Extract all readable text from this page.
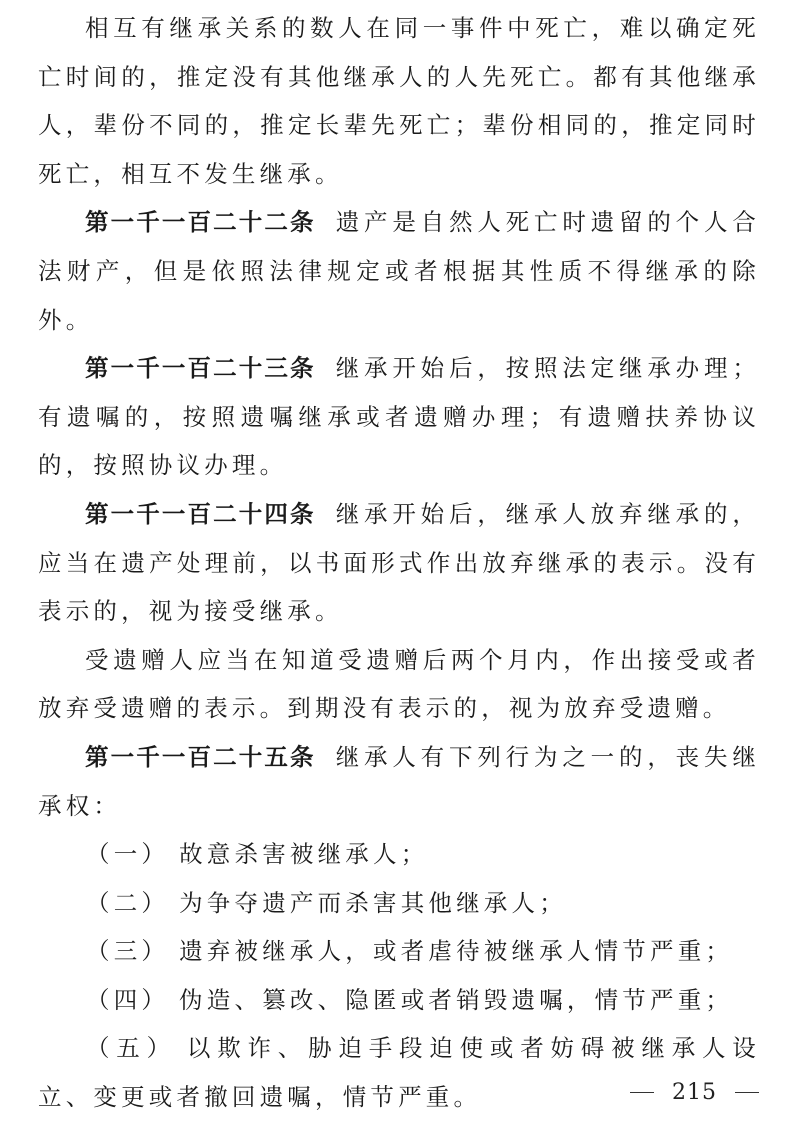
相互有继承关系的数人在同一事件中死亡，难以确定死亡时间的，推定没有其他继承人的人先死亡。都有其他继承人，辈份不同的，推定长辈先死亡；辈份相同的，推定同时死亡，相互不发生继承。

第一千一百二十二条 遗产是自然人死亡时遗留的个人合法财产，但是依照法律规定或者根据其性质不得继承的除外。

第一千一百二十三条 继承开始后，按照法定继承办理；有遗嘱的，按照遗嘱继承或者遗赠办理；有遗赠扶养协议的，按照协议办理。

第一千一百二十四条 继承开始后，继承人放弃继承的，应当在遗产处理前，以书面形式作出放弃继承的表示。没有表示的，视为接受继承。

受遗赠人应当在知道受遗赠后两个月内，作出接受或者放弃受遗赠的表示。到期没有表示的，视为放弃受遗赠。

第一千一百二十五条 继承人有下列行为之一的，丧失继承权：

（一） 故意杀害被继承人；

（二） 为争夺遗产而杀害其他继承人；

（三） 遗弃被继承人，或者虐待被继承人情节严重；

（四） 伪造、篡改、隐匿或者销毁遗嘱，情节严重；

（五） 以欺诈、胁迫手段迫使或者妨碍被继承人设立、变更或者撤回遗嘱，情节严重。	215
